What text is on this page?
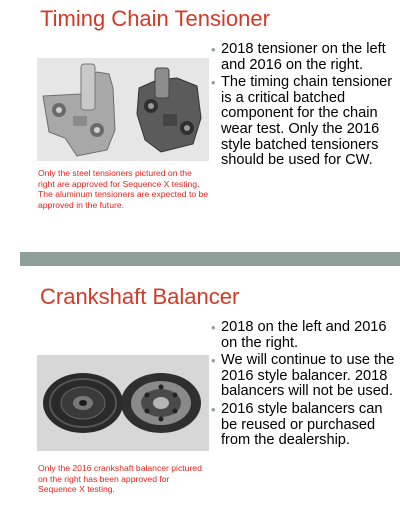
Timing Chain Tensioner
Only the steel tensioners pictured on the right are approved for Sequence X testing. The aluminum tensioners are expected to be approved in the future.
• 2018 tensioner on the left and 2016 on the right.
• The timing chain tensioner is a critical batched component for the chain wear test. Only the 2016 style batched tensioners should be used for CW.
Crankshaft Balancer
Only the 2016 crankshaft balancer pictured on the right has been approved for Sequence X testing.
• 2018 on the left and 2016 on the right.
• We will continue to use the 2016 style balancer. 2018 balancers will not be used.
• 2016 style balancers can be reused or purchased from the dealership.
